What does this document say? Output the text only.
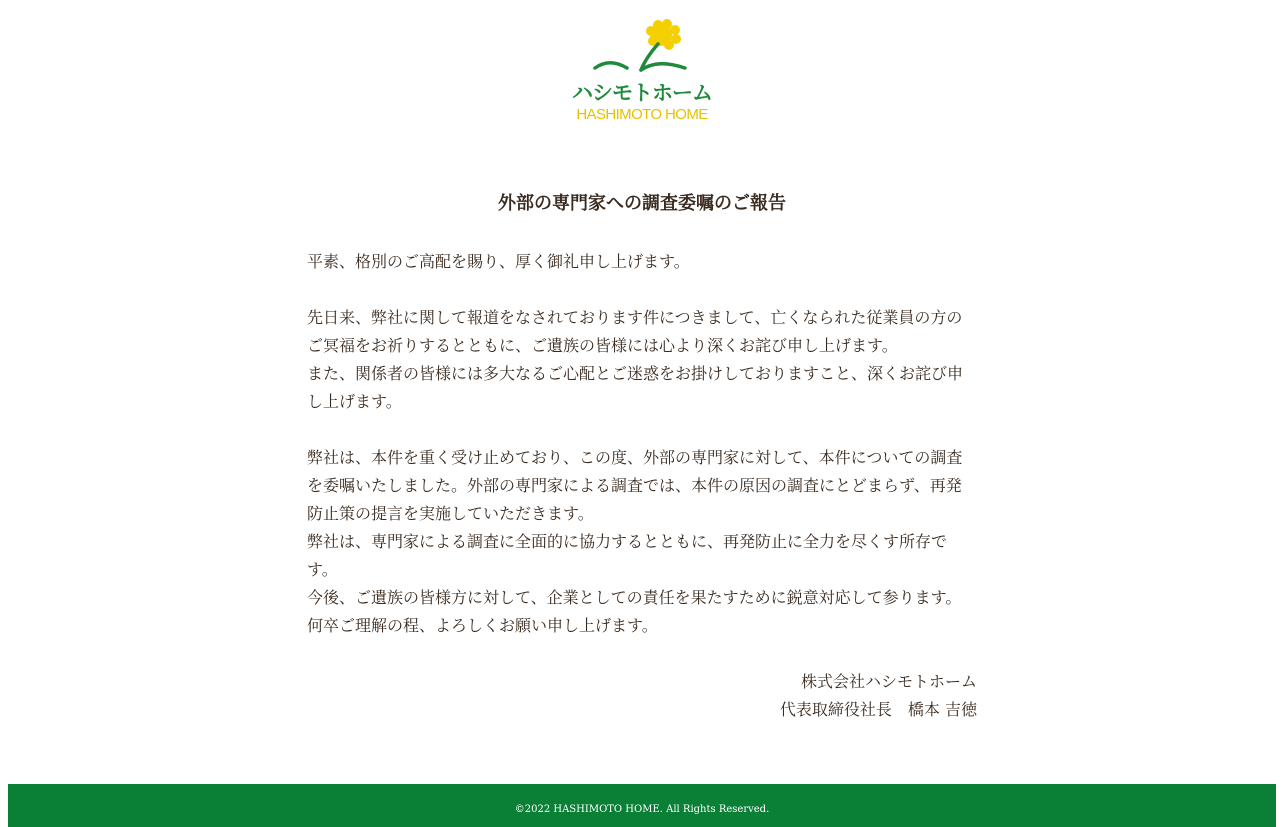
ハシモトホーム
HASHIMOTO HOME
外部の専門家への調査委嘱のご報告

平素、格別のご高配を賜り、厚く御礼申し上げます。

先日来、弊社に関して報道をなされております件につきまして、亡くなられた従業員の方の

ご冥福をお祈りするとともに、ご遺族の皆様には心より深くお詫び申し上げます。

また、関係者の皆様には多大なるご心配とご迷惑をお掛けしておりますこと、深くお詫び申

し上げます。

弊社は、本件を重く受け止めており、この度、外部の専門家に対して、本件についての調査

を委嘱いたしました。外部の専門家による調査では、本件の原因の調査にとどまらず、再発

防止策の提言を実施していただきます。

弊社は、専門家による調査に全面的に協力するとともに、再発防止に全力を尽くす所存で

す。

今後、ご遺族の皆様方に対して、企業としての責任を果たすために鋭意対応して参ります。

何卒ご理解の程、よろしくお願い申し上げます。

株式会社ハシモトホーム
代表取締役社長　橋本 吉徳
©2022 HASHIMOTO HOME. All Rights Reserved.
